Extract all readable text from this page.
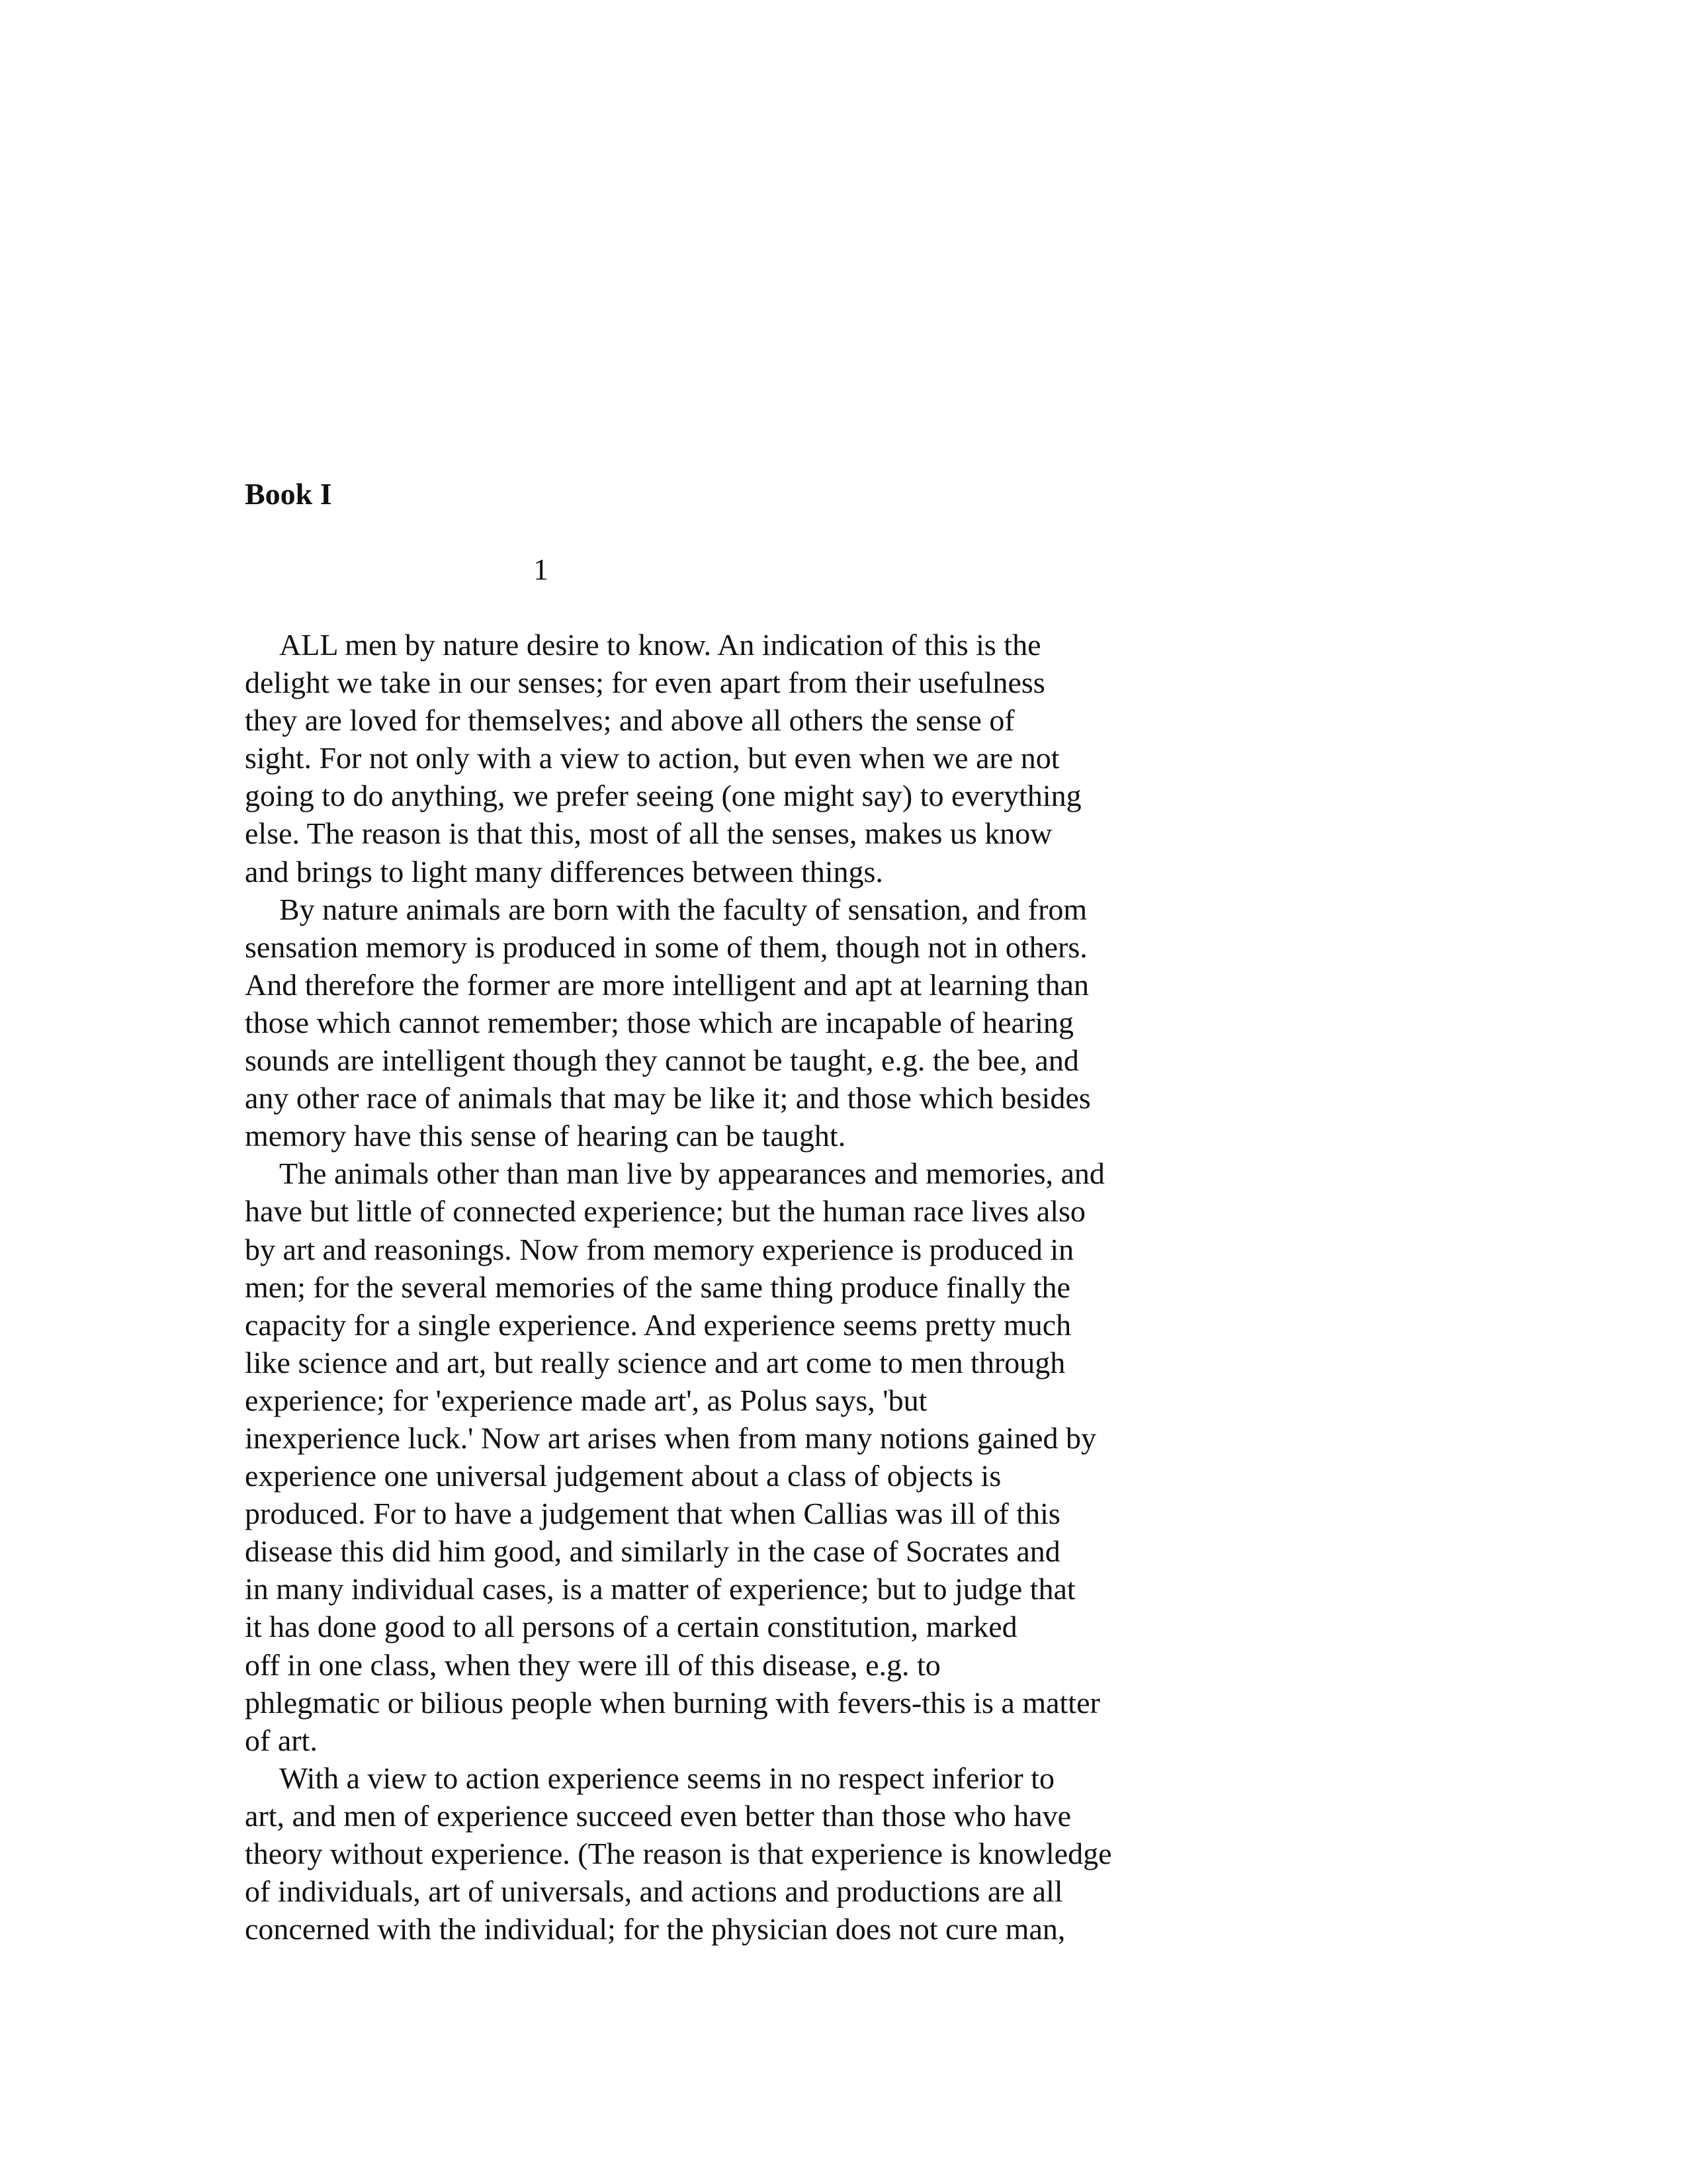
Book I
1

ALL men by nature desire to know. An indication of this is the
delight we take in our senses; for even apart from their usefulness
they are loved for themselves; and above all others the sense of
sight. For not only with a view to action, but even when we are not
going to do anything, we prefer seeing (one might say) to everything
else. The reason is that this, most of all the senses, makes us know
and brings to light many differences between things.

By nature animals are born with the faculty of sensation, and from
sensation memory is produced in some of them, though not in others.
And therefore the former are more intelligent and apt at learning than
those which cannot remember; those which are incapable of hearing
sounds are intelligent though they cannot be taught, e.g. the bee, and
any other race of animals that may be like it; and those which besides
memory have this sense of hearing can be taught.

The animals other than man live by appearances and memories, and
have but little of connected experience; but the human race lives also
by art and reasonings. Now from memory experience is produced in
men; for the several memories of the same thing produce finally the
capacity for a single experience. And experience seems pretty much
like science and art, but really science and art come to men through
experience; for 'experience made art', as Polus says, 'but
inexperience luck.' Now art arises when from many notions gained by
experience one universal judgement about a class of objects is
produced. For to have a judgement that when Callias was ill of this
disease this did him good, and similarly in the case of Socrates and
in many individual cases, is a matter of experience; but to judge that
it has done good to all persons of a certain constitution, marked
off in one class, when they were ill of this disease, e.g. to
phlegmatic or bilious people when burning with fevers-this is a matter
of art.

With a view to action experience seems in no respect inferior to
art, and men of experience succeed even better than those who have
theory without experience. (The reason is that experience is knowledge
of individuals, art of universals, and actions and productions are all
concerned with the individual; for the physician does not cure man,
